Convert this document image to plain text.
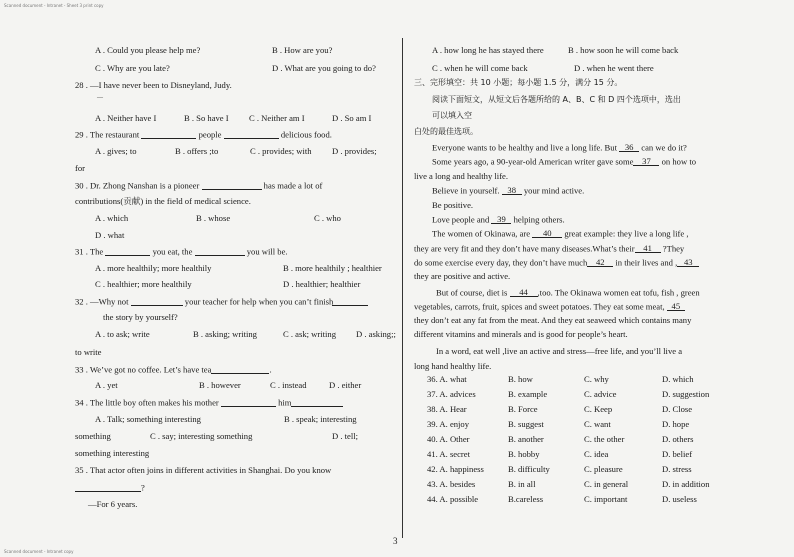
Scanned document - Intranet - Sheet 3 print copy
A . Could you please help me?	B . How are you?
C . Why are you late?	D . What are you going to do?
28 . —I have never been to Disneyland, Judy.
—
A . Neither have I	B . So have I C . Neither am I	D . So am I
29 . The restaurant	people	delicious food.
A . gives; to	B . offers ;to	C . provides; with D . provides;
for
30 . Dr. Zhong Nanshan is a pioneer	has made a lot of
contributions(贡献) in the field of medical science.
A . which	B . whose	C . who
D . what
31 . The	you eat, the	you will be.
A . more healthily; more healthily	B . more healthily ; healthier
C . healthier; more healthily	D . healthier; healthier
32 . —Why not	your teacher for help when you can’t finish
the story by yourself?
A . to ask; write	B . asking; writing	C . ask; writing D . asking;;
to write
33 . We’ve got no coffee. Let’s have tea	.
A . yet	B . however	C . instead	D . either
34 . The little boy often makes his mother	him
A . Talk; something interesting	B . speak; interesting
something	C . say; interesting something	D . tell;
something interesting
35 . That actor often joins in different activities in Shanghai. Do you know
?
—For 6 years.
A . how long he has stayed there	B . how soon he will come back
C . when he will come back	D . when he went there
三、完形填空：共 10 小题；每小题 1.5 分，满分 15 分。
阅读下面短文，从短文后各题所给的 A、B、C 和 D 四个选项中，选出
可以填入空
白处的最佳选项。
Everyone wants to be healthy and live a long life. But 36 can we do it?
Some years ago, a 90-year-old American writer gave some 37 on how to
live a long and healthy life.
Believe in yourself. 38 your mind active.
Be positive.
Love people and 39 helping others.
The women of Okinawa, are 40 great example: they live a long life ,
they are very fit and they don’t have many diseases.What’s their 41 ?They
do some exercise every day, they don’t have much 42 in their lives and , 43
they are positive and active.
But of course, diet is 44 ,too. The Okinawa women eat tofu, fish , green
vegetables, carrots, fruit, spices and sweet potatoes. They eat some meat, 45
they don’t eat any fat from the meat. And they eat seaweed which contains many
different vitamins and minerals and is good for people’s heart.
In a word, eat well ,live an active and stress—free life, and you’ll live a
long hand healthy life.
36. A. what	B. how	C. why	D. which
37. A. advices	B. example	C. advice	D. suggestion
38. A. Hear	B. Force	C. Keep	D. Close
39. A. enjoy	B. suggest	C. want	D. hope
40. A. Other	B. another	C. the other	D. others
41. A. secret	B. hobby	C. idea	D. belief
42. A. happiness	B. difficulty	C. pleasure	D. stress
43. A. besides	B. in all	C. in general	D. in addition
44. A. possible	B.careless	C. important	D. useless
3
Scanned document - Intranet copy
